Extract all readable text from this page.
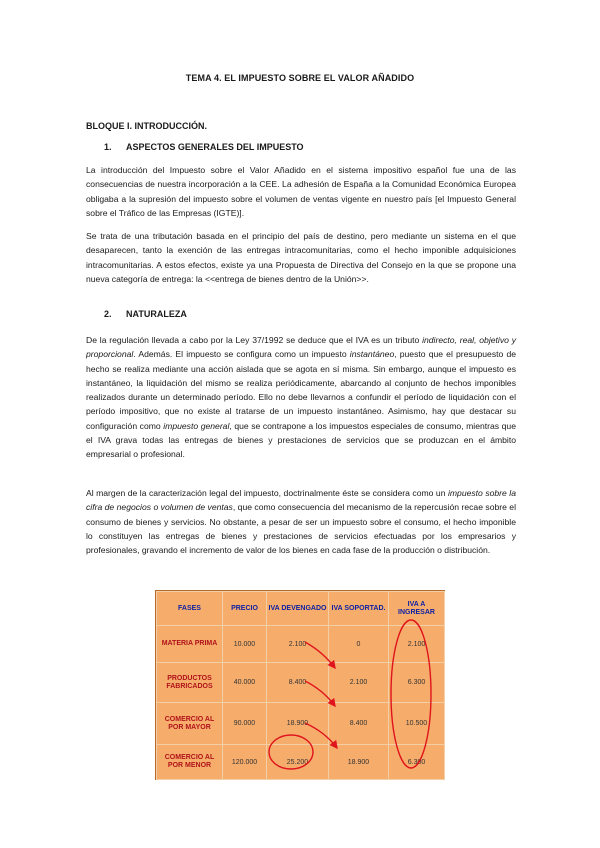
TEMA 4. EL IMPUESTO SOBRE EL VALOR AÑADIDO
BLOQUE I. INTRODUCCIÓN.
1. ASPECTOS GENERALES DEL IMPUESTO

La introducción del Impuesto sobre el Valor Añadido en el sistema impositivo español fue una de las consecuencias de nuestra incorporación a la CEE. La adhesión de España a la Comunidad Económica Europea obligaba a la supresión del impuesto sobre el volumen de ventas vigente en nuestro país [el Impuesto General sobre el Tráfico de las Empresas (IGTE)].

Se trata de una tributación basada en el principio del país de destino, pero mediante un sistema en el que desaparecen, tanto la exención de las entregas intracomunitarias, como el hecho imponible adquisiciones intracomunitarias. A estos efectos, existe ya una Propuesta de Directiva del Consejo en la que se propone una nueva categoría de entrega: la <<entrega de bienes dentro de la Unión>>.

2. NATURALEZA

De la regulación llevada a cabo por la Ley 37/1992 se deduce que el IVA es un tributo indirecto, real, objetivo y proporcional. Además. El impuesto se configura como un impuesto instantáneo, puesto que el presupuesto de hecho se realiza mediante una acción aislada que se agota en sí misma. Sin embargo, aunque el impuesto es instantáneo, la liquidación del mismo se realiza periódicamente, abarcando al conjunto de hechos imponibles realizados durante un determinado período. Ello no debe llevarnos a confundir el período de liquidación con el período impositivo, que no existe al tratarse de un impuesto instantáneo. Asimismo, hay que destacar su configuración como impuesto general, que se contrapone a los impuestos especiales de consumo, mientras que el IVA grava todas las entregas de bienes y prestaciones de servicios que se produzcan en el ámbito empresarial o profesional.

Al margen de la caracterización legal del impuesto, doctrinalmente éste se considera como un impuesto sobre la cifra de negocios o volumen de ventas, que como consecuencia del mecanismo de la repercusión recae sobre el consumo de bienes y servicios. No obstante, a pesar de ser un impuesto sobre el consumo, el hecho imponible lo constituyen las entregas de bienes y prestaciones de servicios efectuadas por los empresarios y profesionales, gravando el incremento de valor de los bienes en cada fase de la producción o distribución.

FASES	PRECIO	IVA DEVENGADO	IVA SOPORTAD.	IVA A INGRESAR
MATERIA PRIMA	10.000	2.100	0	2.100
PRODUCTOS FABRICADOS	40.000	8.400	2.100	6.300
COMERCIO AL POR MAYOR	90.000	18.900	8.400	10.500
COMERCIO AL POR MENOR	120.000	25.200	18.900	6.300
